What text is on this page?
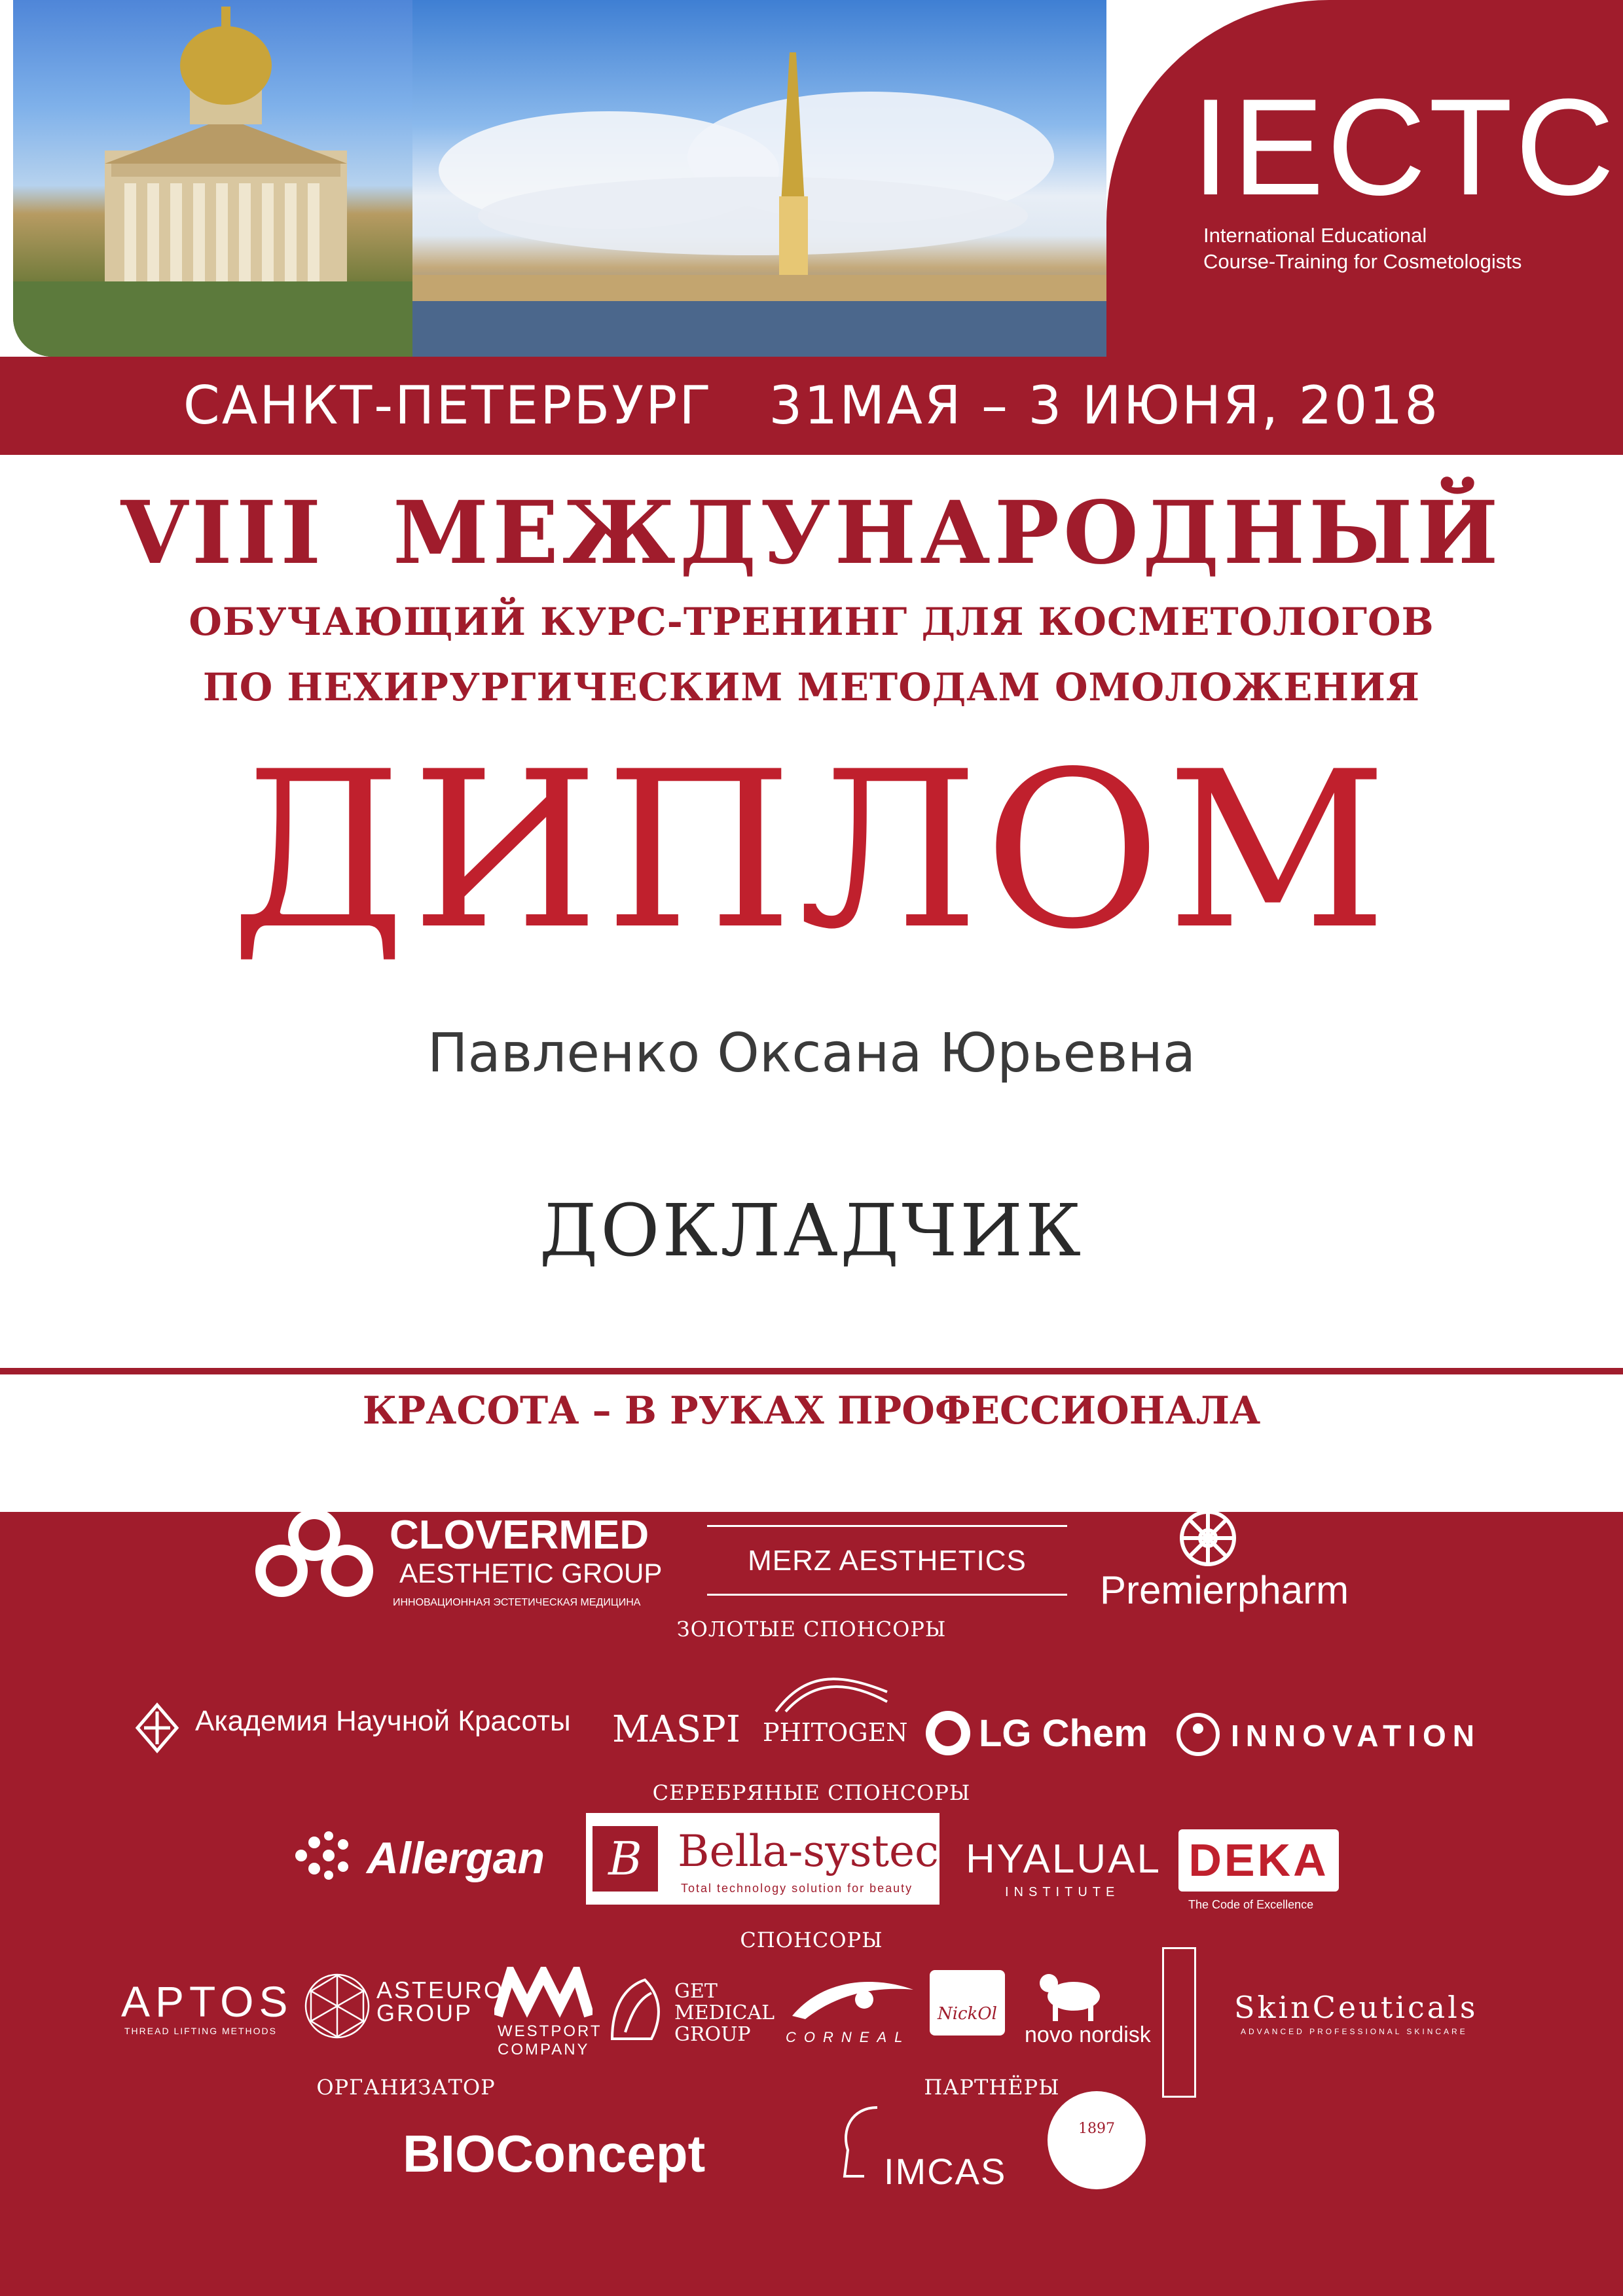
IECTC
International Educational
Course-Training for Cosmetologists
САНКТ-ПЕТЕРБУРГ   31МАЯ – 3 ИЮНЯ, 2018
VIII  МЕЖДУНАРОДНЫЙ
ОБУЧАЮЩИЙ КУРС-ТРЕНИНГ ДЛЯ КОСМЕТОЛОГОВ
ПО НЕХИРУРГИЧЕСКИМ МЕТОДАМ ОМОЛОЖЕНИЯ
ДИПЛОМ
Павленко Оксана Юрьевна
ДОКЛАДЧИК
КРАСОТА – В РУКАХ ПРОФЕССИОНАЛА
ГЕНЕРАЛЬНЫЕ СПОНСОРЫ
CLOVERMED
AESTHETIC GROUP
ИННОВАЦИОННАЯ ЭСТЕТИЧЕСКАЯ МЕДИЦИНА
MERZ AESTHETICS
Premierpharm
ЗОЛОТЫЕ СПОНСОРЫ
Академия Научной Красоты MASPI PHITOGEN LG Chem	INNOVATION
СЕРЕБРЯНЫЕ СПОНСОРЫ
Allergan	B Bella-systech
Total technology solution for beauty
HYALUAL
INSTITUTE
DEKA
The Code of Excellence
СПОНСОРЫ
APTOS
THREAD LIFTING METHODS
ASTEURO
GROUP
WESTPORT
COMPANY
GET
MEDICAL
GROUP CORNEAL
NickOl
novo nordisk
SkinCeuticals
ADVANCED PROFESSIONAL SKINCARE
ОРГАНИЗАТОР	ПАРТНЁРЫ
BIOConcept	IMCAS
1897
